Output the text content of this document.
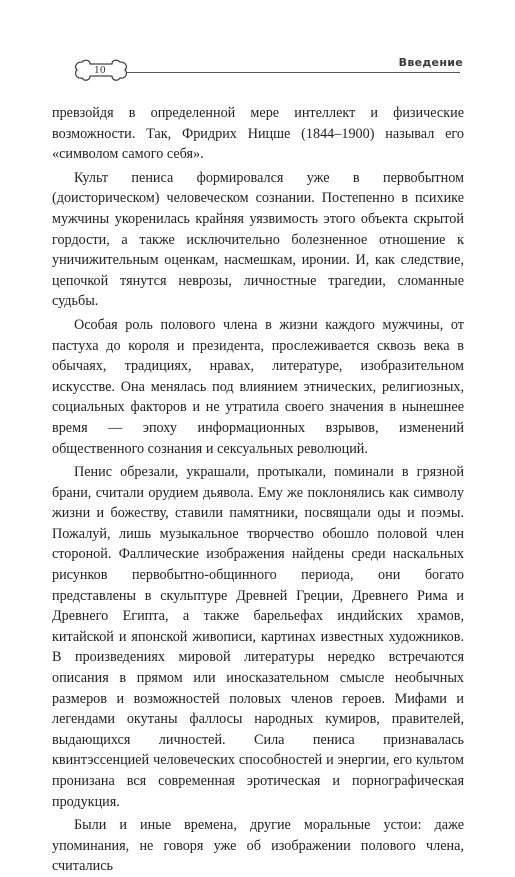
10
Введение

превзойдя в определенной мере интеллект и физические возможности. Так, Фридрих Ницше (1844–1900) называл его «символом самого себя».

Культ пениса формировался уже в первобытном (доисторическом) человеческом сознании. Постепенно в психике мужчины укоренилась крайняя уязвимость этого объекта скрытой гордости, а также исключительно болезненное отношение к уничижительным оценкам, насмешкам, иронии. И, как следствие, цепочкой тянутся неврозы, личностные трагедии, сломанные судьбы.

Особая роль полового члена в жизни каждого мужчины, от пастуха до короля и президента, прослеживается сквозь века в обычаях, традициях, нравах, литературе, изобразительном искусстве. Она менялась под влиянием этнических, религиозных, социальных факторов и не утратила своего значения в нынешнее время — эпоху информационных взрывов, изменений общественного сознания и сексуальных революций.

Пенис обрезали, украшали, протыкали, поминали в грязной брани, считали орудием дьявола. Ему же поклонялись как символу жизни и божеству, ставили памятники, посвящали оды и поэмы. Пожалуй, лишь музыкальное творчество обошло половой член стороной. Фаллические изображения найдены среди наскальных рисунков первобытно-общинного периода, они богато представлены в скульптуре Древней Греции, Древнего Рима и Древнего Египта, а также барельефах индийских храмов, китайской и японской живописи, картинах известных художников. В произведениях мировой литературы нередко встречаются описания в прямом или иносказательном смысле необычных размеров и возможностей половых членов героев. Мифами и легендами окутаны фаллосы народных кумиров, правителей, выдающихся личностей. Сила пениса признавалась квинтэссенцией человеческих способностей и энергии, его культом пронизана вся современная эротическая и порнографическая продукция.

Были и иные времена, другие моральные устои: даже упоминания, не говоря уже об изображении полового члена, считались
